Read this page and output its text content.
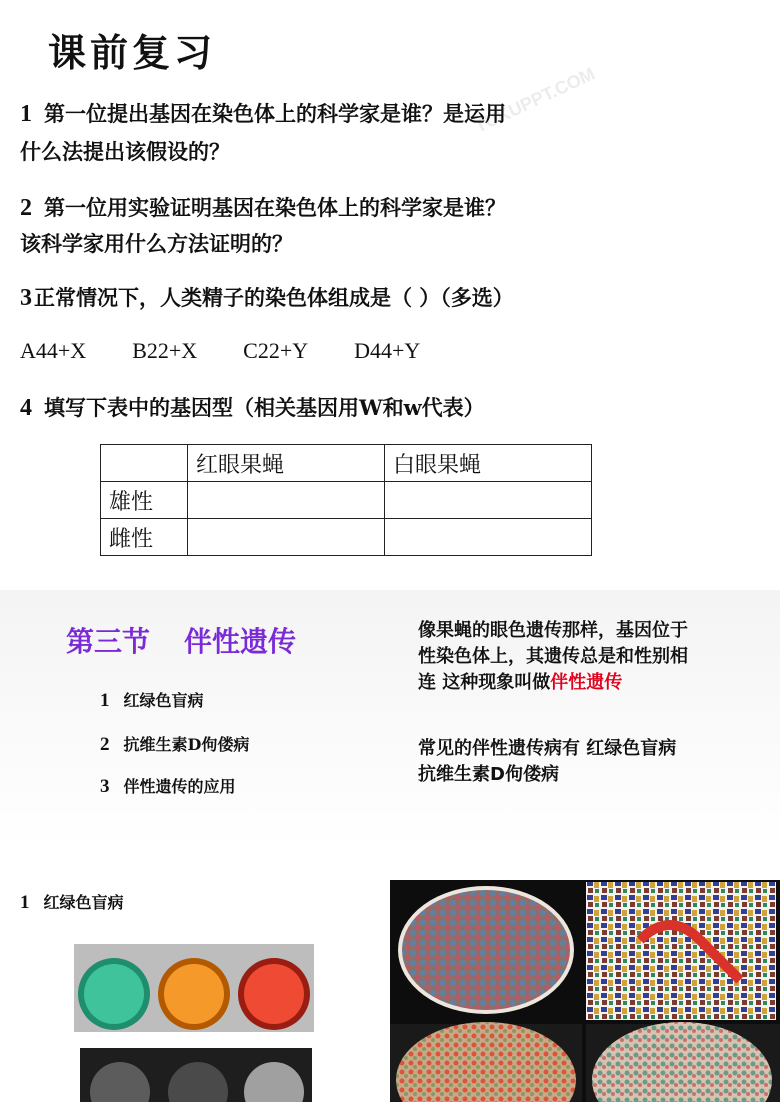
TUKUPPT.COM
课前复习
1 第一位提出基因在染色体上的科学家是谁？是运用
什么法提出该假设的？
2 第一位用实验证明基因在染色体上的科学家是谁？
该科学家用什么方法证明的？
3正常情况下，人类精子的染色体组成是（ ）（多选）
A44+X B22+X C22+Y D44+Y
4 填写下表中的基因型（相关基因用W和w代表）
	红眼果蝇	白眼果蝇
雄性		
雌性		
第三节 伴性遗传
1 红绿色盲病
2 抗维生素D佝偻病
3 伴性遗传的应用
像果蝇的眼色遗传那样，基因位于
性染色体上，其遗传总是和性别相
连 这种现象叫做伴性遗传
常见的伴性遗传病有 红绿色盲病
抗维生素D佝偻病
1 红绿色盲病
